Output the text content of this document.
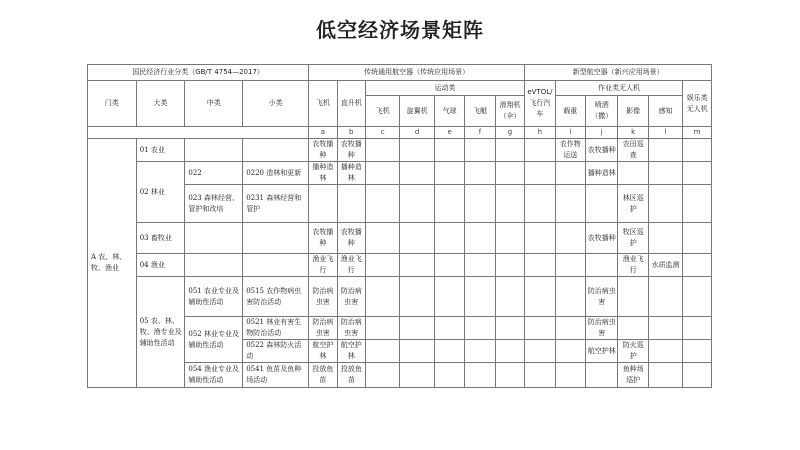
低空经济场景矩阵
国民经济行业分类（GB/T 4754—2017）				传统通用航空器（传统应用场景）							新型航空器（新兴应用场景）					
门类	大类	中类	小类	飞机	直升机	运动类					eVTOL/飞行汽车	作业类无人机				娱乐类无人机
						飞机	旋翼机	气球	飞艇	滑翔机（伞）		载重	喷洒（撒）	影像	感知	
				a	b	c	d	e	f	g	h	i	j	k	l	m
A 农、林、牧、渔业	01 农业			农牧播种	农牧播种							农作物运送	农牧播种	农田巡查		
	02 林业	022	0220 造林和更新	播种造林	播种造林								播种造林			
		023 森林经营、管护和改培	0231 森林经营和管护											林区巡护		
	03 畜牧业			农牧播种	农牧播种								农牧播种	牧区巡护		
	04 渔业			渔业飞行	渔业飞行									渔业飞行	水质监测	
	05 农、林、牧、渔专业及辅助性活动	051 农业专业及辅助性活动	0515 农作物病虫害防治活动	防治病虫害	防治病虫害								防治病虫害			
		052 林业专业及辅助性活动	0521 林业有害生物防治活动	防治病虫害	防治病虫害								防治病虫害			
			0522 森林防火活动	航空护林	航空护林								航空护林	防火巡护		
		054 渔业专业及辅助性活动	0541 鱼苗及鱼种场活动	投放鱼苗	投放鱼苗									鱼种场巡护		
